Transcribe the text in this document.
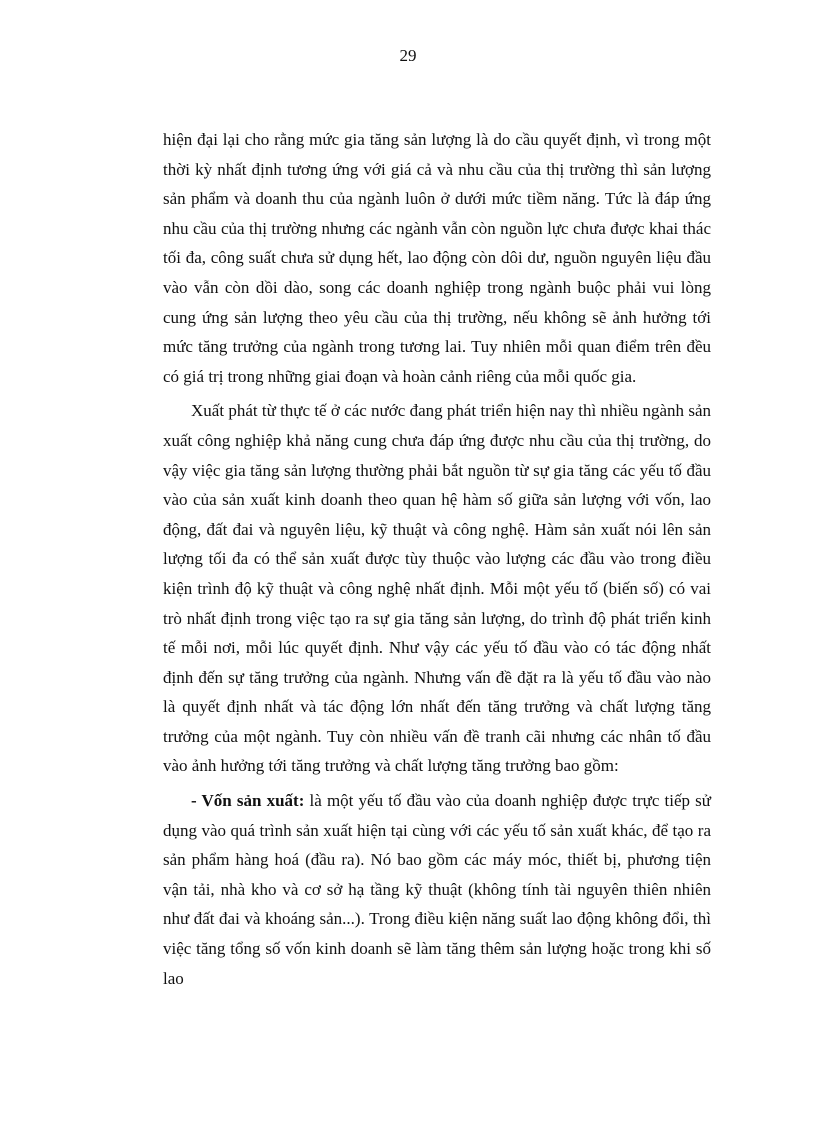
29

hiện đại lại cho rằng mức gia tăng sản lượng là do cầu quyết định, vì trong một thời kỳ nhất định tương ứng với giá cả và nhu cầu của thị trường thì sản lượng sản phẩm và doanh thu của ngành luôn ở dưới mức tiềm năng. Tức là đáp ứng nhu cầu của thị trường nhưng các ngành vẫn còn nguồn lực chưa được khai thác tối đa, công suất chưa sử dụng hết, lao động còn dôi dư, nguồn nguyên liệu đầu vào vẫn còn dồi dào, song các doanh nghiệp trong ngành buộc phải vui lòng cung ứng sản lượng theo yêu cầu của thị trường, nếu không sẽ ảnh hưởng tới mức tăng trưởng của ngành trong tương lai. Tuy nhiên mỗi quan điểm trên đều có giá trị trong những giai đoạn và hoàn cảnh riêng của mỗi quốc gia.

Xuất phát từ thực tế ở các nước đang phát triển hiện nay thì nhiều ngành sản xuất công nghiệp khả năng cung chưa đáp ứng được nhu cầu của thị trường, do vậy việc gia tăng sản lượng thường phải bắt nguồn từ sự gia tăng các yếu tố đầu vào của sản xuất kinh doanh theo quan hệ hàm số giữa sản lượng với vốn, lao động, đất đai và nguyên liệu, kỹ thuật và công nghệ. Hàm sản xuất nói lên sản lượng tối đa có thể sản xuất được tùy thuộc vào lượng các đầu vào trong điều kiện trình độ kỹ thuật và công nghệ nhất định. Mỗi một yếu tố (biến số) có vai trò nhất định trong việc tạo ra sự gia tăng sản lượng, do trình độ phát triển kinh tế mỗi nơi, mỗi lúc quyết định. Như vậy các yếu tố đầu vào có tác động nhất định đến sự tăng trưởng của ngành. Nhưng vấn đề đặt ra là yếu tố đầu vào nào là quyết định nhất và tác động lớn nhất đến tăng trưởng và chất lượng tăng trưởng của một ngành. Tuy còn nhiều vấn đề tranh cãi nhưng các nhân tố đầu vào ảnh hưởng tới tăng trưởng và chất lượng tăng trưởng bao gồm:

- Vốn sản xuất: là một yếu tố đầu vào của doanh nghiệp được trực tiếp sử dụng vào quá trình sản xuất hiện tại cùng với các yếu tố sản xuất khác, để tạo ra sản phẩm hàng hoá (đầu ra). Nó bao gồm các máy móc, thiết bị, phương tiện vận tải, nhà kho và cơ sở hạ tầng kỹ thuật (không tính tài nguyên thiên nhiên như đất đai và khoáng sản...). Trong điều kiện năng suất lao động không đổi, thì việc tăng tổng số vốn kinh doanh sẽ làm tăng thêm sản lượng hoặc trong khi số lao
